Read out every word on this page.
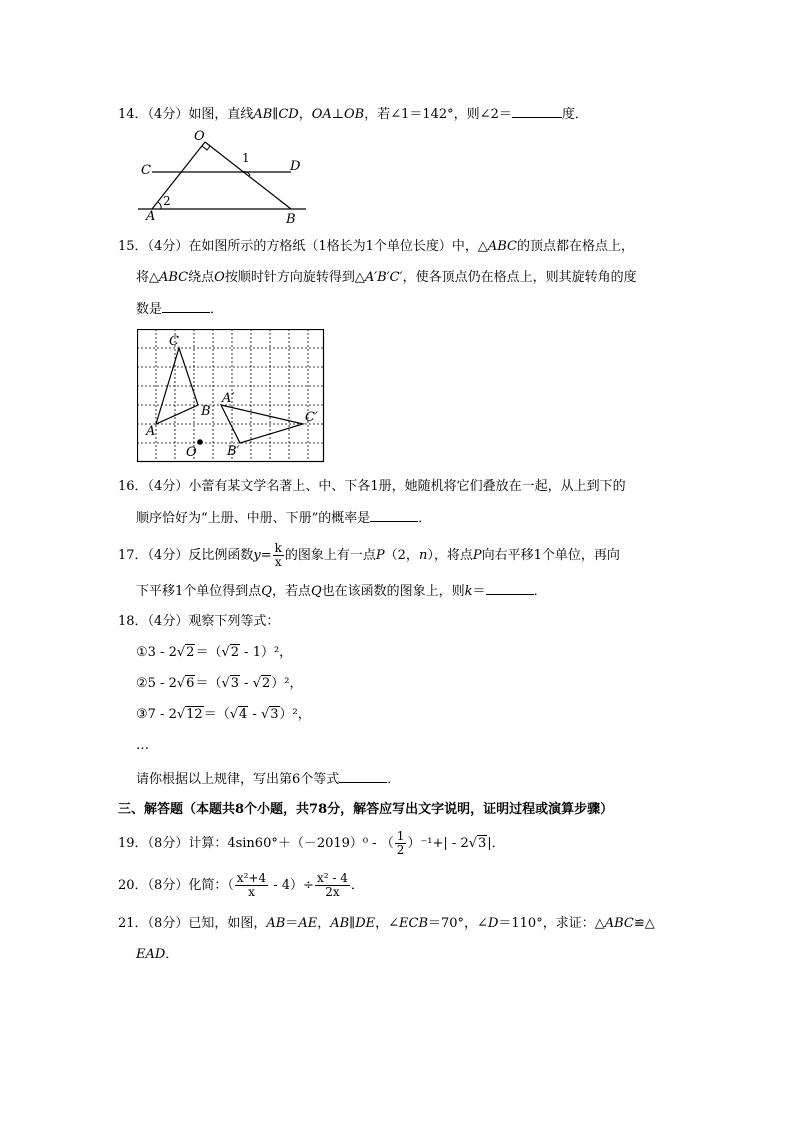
14．（4分）如图，直线AB∥CD，OA⊥OB，若∠1＝142°，则∠2＝	度．
O
C	D
A	B
1
2
15．（4分）在如图所示的方格纸（1格长为1个单位长度）中，△ABC的顶点都在格点上，
将△ABC绕点O按顺时针方向旋转得到△A′B′C′，使各顶点仍在格点上，则其旋转角的度
数是	．
C
B
A
O
A′
B′
C′
16．（4分）小蕾有某文学名著上、中、下各1册，她随机将它们叠放在一起，从上到下的
顺序恰好为“上册、中册、下册”的概率是	．
17．（4分）反比例函数$y= \frac{k}{x}$ 的图象上有一点P（2，n），将点P向右平移1个单位，再向
下平移1个单位得到点Q，若点Q也在该函数的图象上，则k＝	．
18．（4分）观察下列等式：
①3 - 2√2＝（√2 - 1）²，
②5 - 2√6＝（√3 - √2）²，
③7 - 2√12＝（√4 - √3）²，
…
请你根据以上规律，写出第6个等式	．
三、解答题（本题共8个小题，共78分，解答应写出文字说明，证明过程或演算步骤）
19．（8分）计算：4sin60°＋（－2019）⁰ - （ $\frac{1}{2} )^{-1}+| - 2√3|$．
20．（8分）化简：（ $\frac{\text{x²+4}}{x} - 4)\div \frac{\text{x² - 4}}{2x}$ ．
21．（8分）已知，如图，AB＝AE，AB∥DE，∠ECB＝70°，∠D＝110°，求证：△ABC≌△
EAD．
